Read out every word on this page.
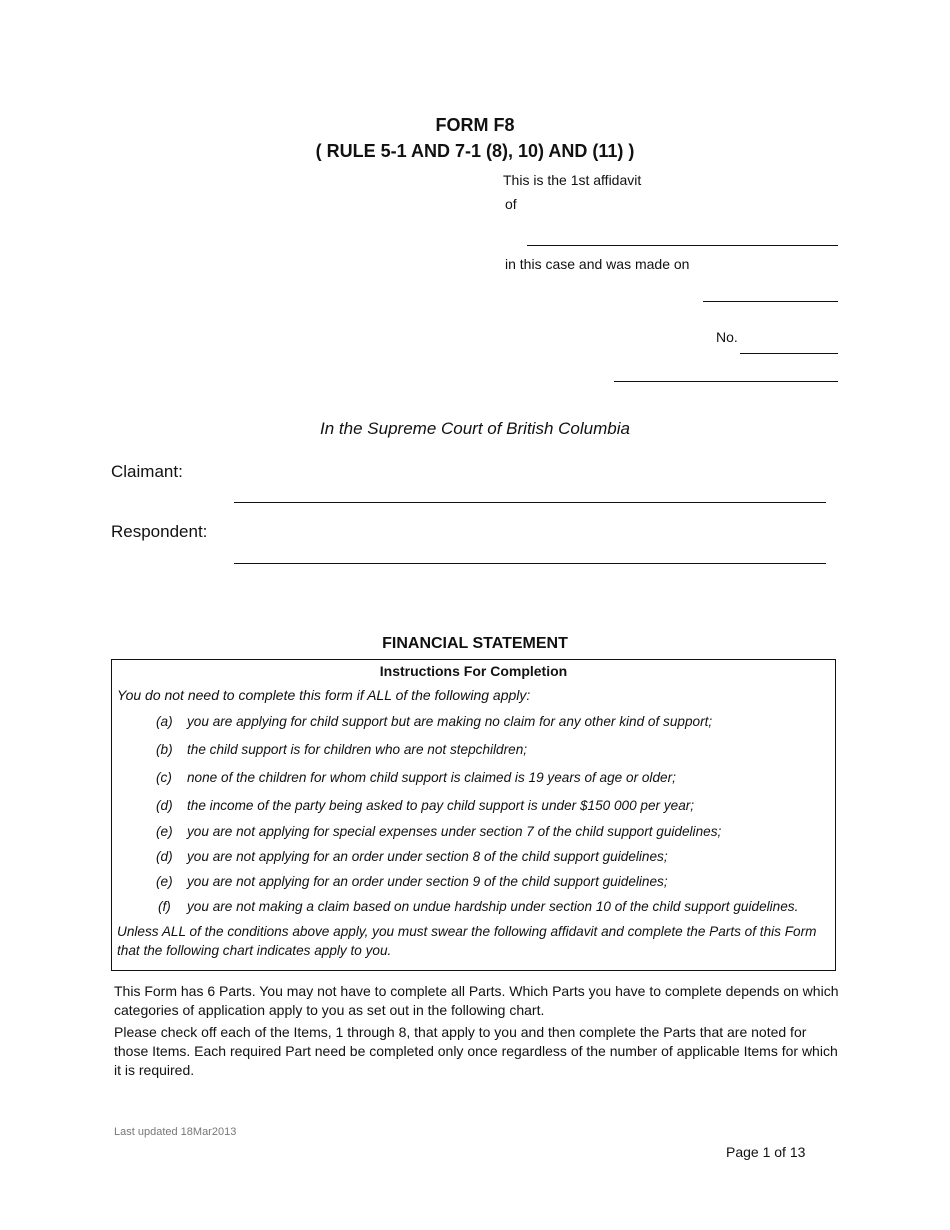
FORM F8
( RULE 5-1 AND 7-1 (8), 10) AND (11) )
This is the 1st affidavit
of
in this case and was made on
No.
In the Supreme Court of British Columbia
Claimant:
Respondent:
FINANCIAL STATEMENT
Instructions For Completion
You do not need to complete this form if ALL of the following apply:
(a) you are applying for child support but are making no claim for any other kind of support;
(b) the child support is for children who are not stepchildren;
(c) none of the children for whom child support is claimed is 19 years of age or older;
(d) the income of the party being asked to pay child support is under $150 000 per year;
(e) you are not applying for special expenses under section 7 of the child support guidelines;
(d) you are not applying for an order under section 8 of the child support guidelines;
(e) you are not applying for an order under section 9 of the child support guidelines;
(f) you are not making a claim based on undue hardship under section 10 of the child support guidelines.
Unless ALL of the conditions above apply, you must swear the following affidavit and complete the Parts of this Form that the following chart indicates apply to you.
This Form has 6 Parts. You may not have to complete all Parts. Which Parts you have to complete depends on which categories of application apply to you as set out in the following chart.
Please check off each of the Items, 1 through 8, that apply to you and then complete the Parts that are noted for those Items. Each required Part need be completed only once regardless of the number of applicable Items for which it is required.
Last updated 18Mar2013
Page 1 of 13
